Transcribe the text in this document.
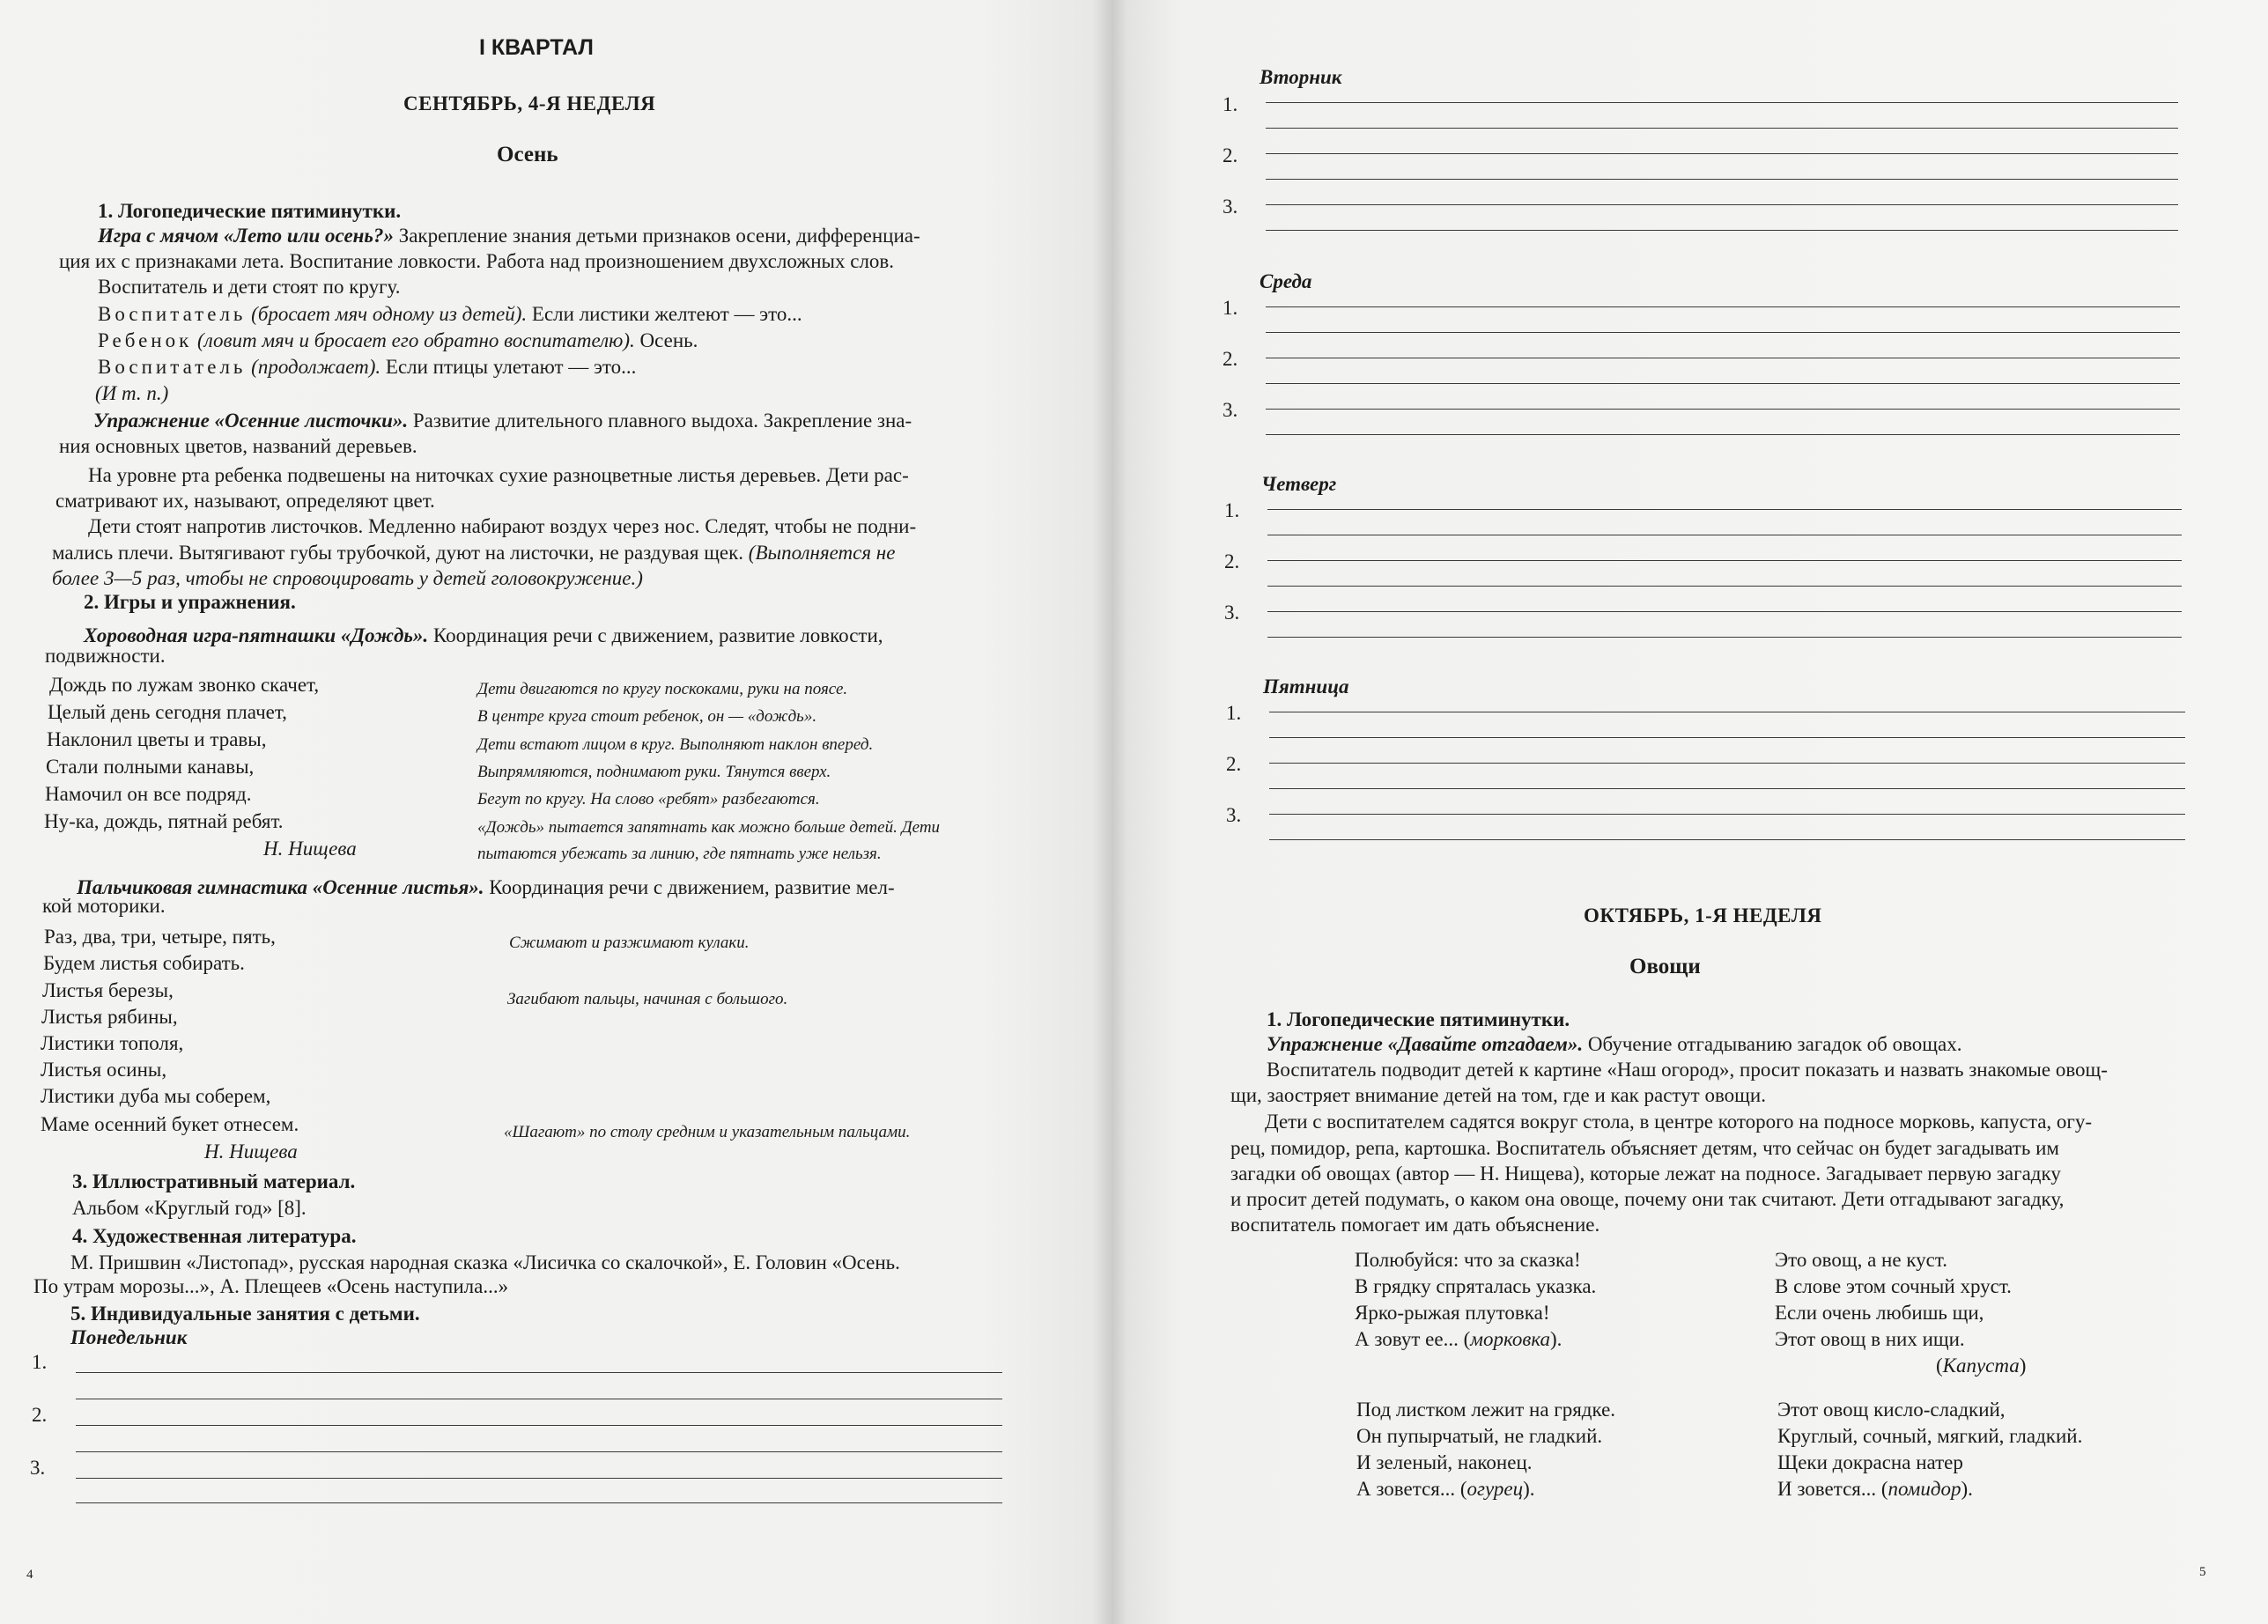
I КВАРТАЛ
СЕНТЯБРЬ, 4-Я НЕДЕЛЯ
Осень
1. Логопедические пятиминутки.
Игра с мячом «Лето или осень?» Закрепление знания детьми признаков осени, дифференциа-
ция их с признаками лета. Воспитание ловкости. Работа над произношением двухсложных слов.
Воспитатель и дети стоят по кругу.
Воспитатель (бросает мяч одному из детей). Если листики желтеют — это...
Ребенок (ловит мяч и бросает его обратно воспитателю). Осень.
Воспитатель (продолжает). Если птицы улетают — это...
(И т. п.)
Упражнение «Осенние листочки». Развитие длительного плавного выдоха. Закрепление зна-
ния основных цветов, названий деревьев.
На уровне рта ребенка подвешены на ниточках сухие разноцветные листья деревьев. Дети рас-
сматривают их, называют, определяют цвет.
Дети стоят напротив листочков. Медленно набирают воздух через нос. Следят, чтобы не подни-
мались плечи. Вытягивают губы трубочкой, дуют на листочки, не раздувая щек. (Выполняется не
более 3—5 раз, чтобы не спровоцировать у детей головокружение.)
2. Игры и упражнения.
Хороводная игра-пятнашки «Дождь». Координация речи с движением, развитие ловкости,
подвижности.
Дождь по лужам звонко скачет,
Целый день сегодня плачет,
Наклонил цветы и травы,
Стали полными канавы,
Намочил он все подряд.
Ну-ка, дождь, пятнай ребят.
Н. Нищева
Дети двигаются по кругу поскоками, руки на поясе.
В центре круга стоит ребенок, он — «дождь».
Дети встают лицом в круг. Выполняют наклон вперед.
Выпрямляются, поднимают руки. Тянутся вверх.
Бегут по кругу. На слово «ребят» разбегаются.
«Дождь» пытается запятнать как можно больше детей. Дети
пытаются убежать за линию, где пятнать уже нельзя.
Пальчиковая гимнастика «Осенние листья». Координация речи с движением, развитие мел-
кой моторики.
Раз, два, три, четыре, пять,
Будем листья собирать.
Листья березы,
Листья рябины,
Листики тополя,
Листья осины,
Листики дуба мы соберем,
Маме осенний букет отнесем.
Н. Нищева
Сжимают и разжимают кулаки.
Загибают пальцы, начиная с большого.
«Шагают» по столу средним и указательным пальцами.
3. Иллюстративный материал.
Альбом «Круглый год» [8].
4. Художественная литература.
М. Пришвин «Листопад», русская народная сказка «Лисичка со скалочкой», Е. Головин «Осень.
По утрам морозы...», А. Плещеев «Осень наступила...»
5. Индивидуальные занятия с детьми.
Понедельник
1.
2.
3.
4
Вторник
1.
2.
3.
Среда
1.
2.
3.
Четверг
1.
2.
3.
Пятница
1.
2.
3.
ОКТЯБРЬ, 1-Я НЕДЕЛЯ
Овощи
1. Логопедические пятиминутки.
Упражнение «Давайте отгадаем». Обучение отгадыванию загадок об овощах.
Воспитатель подводит детей к картине «Наш огород», просит показать и назвать знакомые овощ-
щи, заостряет внимание детей на том, где и как растут овощи.
Дети с воспитателем садятся вокруг стола, в центре которого на подносе морковь, капуста, огу-
рец, помидор, репа, картошка. Воспитатель объясняет детям, что сейчас он будет загадывать им
загадки об овощах (автор — Н. Нищева), которые лежат на подносе. Загадывает первую загадку
и просит детей подумать, о каком она овоще, почему они так считают. Дети отгадывают загадку,
воспитатель помогает им дать объяснение.
Полюбуйся: что за сказка!
В грядку спряталась указка.
Ярко-рыжая плутовка!
А зовут ее... (морковка).
Это овощ, а не куст.
В слове этом сочный хруст.
Если очень любишь щи,
Этот овощ в них ищи.
(Капуста)
Под листком лежит на грядке.
Он пупырчатый, не гладкий.
И зеленый, наконец.
А зовется... (огурец).
Этот овощ кисло-сладкий,
Круглый, сочный, мягкий, гладкий.
Щеки докрасна натер
И зовется... (помидор).
5
